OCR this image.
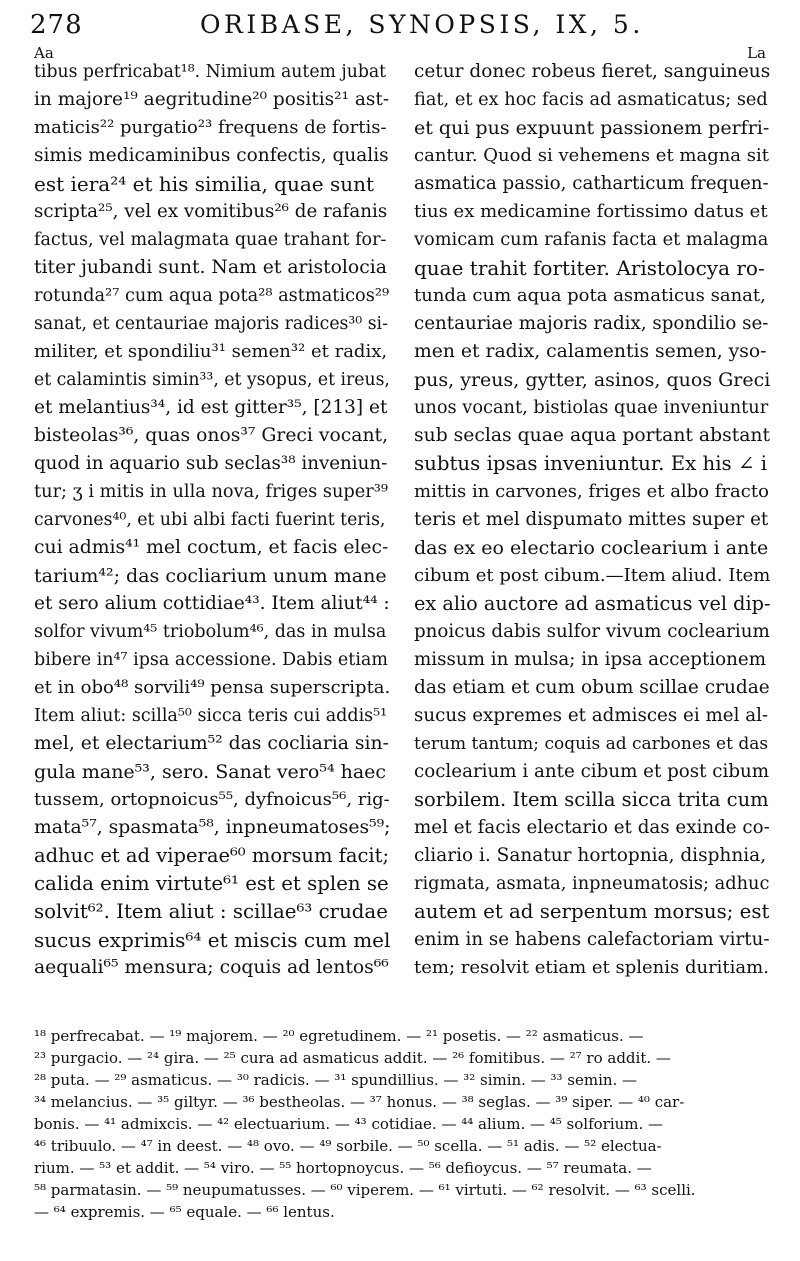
278	ORIBASE, SYNOPSIS, IX, 5.
Aa	La
tibus perfricabat¹⁸. Nimium autem jubat
in majore¹⁹ aegritudine²⁰ positis²¹ ast-
maticis²² purgatio²³ frequens de fortis-
simis medicaminibus confectis, qualis
est iera²⁴ et his similia, quae sunt
scripta²⁵, vel ex vomitibus²⁶ de rafanis
factus, vel malagmata quae trahant for-
titer jubandi sunt. Nam et aristolocia
rotunda²⁷ cum aqua pota²⁸ astmaticos²⁹
sanat, et centauriae majoris radices³⁰ si-
militer, et spondiliu³¹ semen³² et radix,
et calamintis simin³³, et ysopus, et ireus,
et melantius³⁴, id est gitter³⁵, [213] et
bisteolas³⁶, quas onos³⁷ Greci vocant,
quod in aquario sub seclas³⁸ inveniun-
tur; ʒ i mitis in ulla nova, friges super³⁹
carvones⁴⁰, et ubi albi facti fuerint teris,
cui admis⁴¹ mel coctum, et facis elec-
tarium⁴²; das cocliarium unum mane
et sero alium cottidiae⁴³. Item aliut⁴⁴ :
solfor vivum⁴⁵ triobolum⁴⁶, das in mulsa
bibere in⁴⁷ ipsa accessione. Dabis etiam
et in obo⁴⁸ sorvili⁴⁹ pensa superscripta.
Item aliut: scilla⁵⁰ sicca teris cui addis⁵¹
mel, et electarium⁵² das cocliaria sin-
gula mane⁵³, sero. Sanat vero⁵⁴ haec
tussem, ortopnoicus⁵⁵, dyfnoicus⁵⁶, rig-
mata⁵⁷, spasmata⁵⁸, inpneumatoses⁵⁹;
adhuc et ad viperae⁶⁰ morsum facit;
calida enim virtute⁶¹ est et splen se
solvit⁶². Item aliut : scillae⁶³ crudae
sucus exprimis⁶⁴ et miscis cum mel
aequali⁶⁵ mensura; coquis ad lentos⁶⁶
cetur donec robeus fieret, sanguineus
fiat, et ex hoc facis ad asmaticatus; sed
et qui pus expuunt passionem perfri-
cantur. Quod si vehemens et magna sit
asmatica passio, catharticum frequen-
tius ex medicamine fortissimo datus et
vomicam cum rafanis facta et malagma
quae trahit fortiter. Aristolocya ro-
tunda cum aqua pota asmaticus sanat,
centauriae majoris radix, spondilio se-
men et radix, calamentis semen, yso-
pus, yreus, gytter, asinos, quos Greci
unos vocant, bistiolas quae inveniuntur
sub seclas quae aqua portant abstant
subtus ipsas inveniuntur. Ex his ∠ i
mittis in carvones, friges et albo fracto
teris et mel dispumato mittes super et
das ex eo electario coclearium i ante
cibum et post cibum.—Item aliud. Item
ex alio auctore ad asmaticus vel dip-
pnoicus dabis sulfor vivum coclearium
missum in mulsa; in ipsa acceptionem
das etiam et cum obum scillae crudae
sucus expremes et admisces ei mel al-
terum tantum; coquis ad carbones et das
coclearium i ante cibum et post cibum
sorbilem. Item scilla sicca trita cum
mel et facis electario et das exinde co-
cliario i. Sanatur hortopnia, disphnia,
rigmata, asmata, inpneumatosis; adhuc
autem et ad serpentum morsus; est
enim in se habens calefactoriam virtu-
tem; resolvit etiam et splenis duritiam.
¹⁸ perfrecabat. — ¹⁹ majorem. — ²⁰ egretudinem. — ²¹ posetis. — ²² asmaticus. —
²³ purgacio. — ²⁴ gira. — ²⁵ cura ad asmaticus addit. — ²⁶ fomitibus. — ²⁷ ro addit. —
²⁸ puta. — ²⁹ asmaticus. — ³⁰ radicis. — ³¹ spundillius. — ³² simin. — ³³ semin. —
³⁴ melancius. — ³⁵ giltyr. — ³⁶ bestheolas. — ³⁷ honus. — ³⁸ seglas. — ³⁹ siper. — ⁴⁰ car-
bonis. — ⁴¹ admixcis. — ⁴² electuarium. — ⁴³ cotidiae. — ⁴⁴ alium. — ⁴⁵ solforium. —
⁴⁶ tribuulo. — ⁴⁷ in deest. — ⁴⁸ ovo. — ⁴⁹ sorbile. — ⁵⁰ scella. — ⁵¹ adis. — ⁵² electua-
rium. — ⁵³ et addit. — ⁵⁴ viro. — ⁵⁵ hortopnoycus. — ⁵⁶ defioycus. — ⁵⁷ reumata. —
⁵⁸ parmatasin. — ⁵⁹ neupumatusses. — ⁶⁰ viperem. — ⁶¹ virtuti. — ⁶² resolvit. — ⁶³ scelli.
— ⁶⁴ expremis. — ⁶⁵ equale. — ⁶⁶ lentus.
